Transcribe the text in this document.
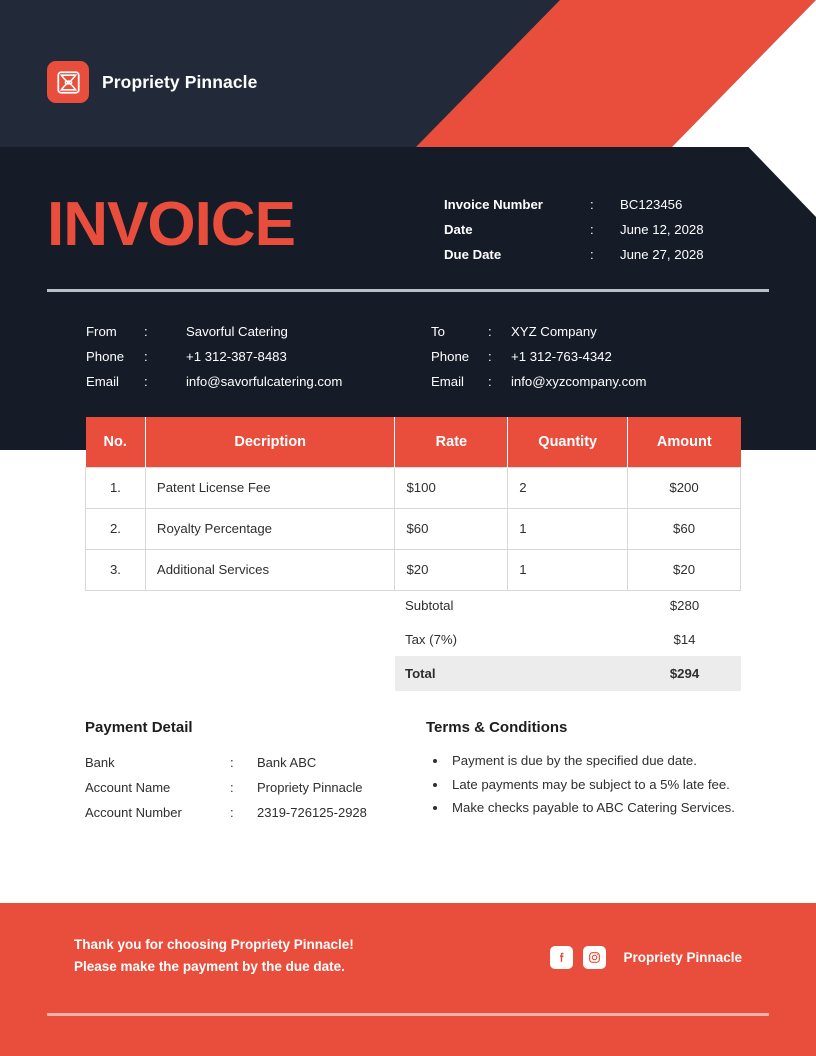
Propriety Pinnacle
INVOICE	Invoice Number	:	BC123456
Date	:	June 12, 2028
Due Date	:	June 27, 2028
From	:	Savorful Catering
Phone	:	+1 312-387-8483
Email	:	info@savorfulcatering.com
To	:	XYZ Company
Phone	:	+1 312-763-4342
Email	:	info@xyzcompany.com
No.	Decription	Rate	Quantity	Amount
1.	Patent License Fee	$100	2	$200
2.	Royalty Percentage	$60	1	$60
3.	Additional Services	$20	1	$20
Subtotal	$280
Tax (7%)	$14
Total	$294
Payment Detail
Bank	:	Bank ABC
Account Name	:	Propriety Pinnacle
Account Number	:	2319-726125-2928
Terms & Conditions
• Payment is due by the specified due date.
• Late payments may be subject to a 5% late fee.
• Make checks payable to ABC Catering Services.
Thank you for choosing Propriety Pinnacle!
Please make the payment by the due date.
Propriety Pinnacle
